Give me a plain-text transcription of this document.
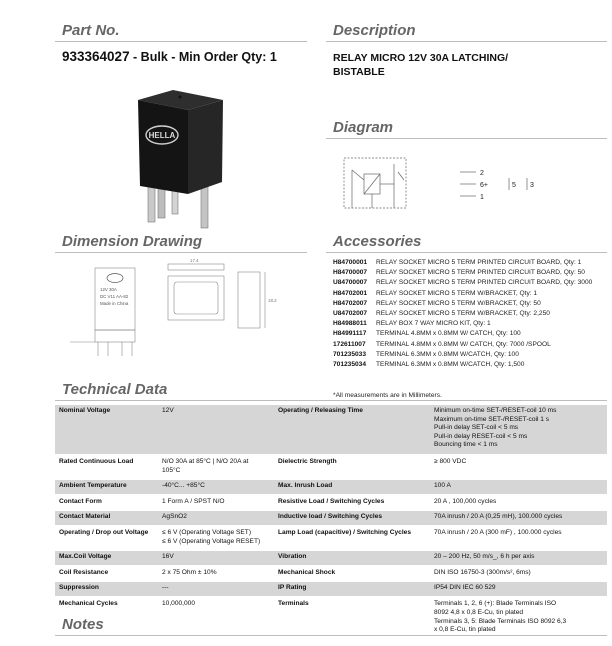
Part No.
933364027 - Bulk - Min Order Qty: 1
Description
RELAY MICRO 12V 30A LATCHING/
BISTABLE
HELLA	Diagram
2
6+
1
5 3
Dimension Drawing
12V 30A
DC V11 AA-82
Made in China
17.4
18.2
Accessories
H84700001	RELAY SOCKET MICRO 5 TERM PRINTED CIRCUIT BOARD, Qty: 1
H84700007	RELAY SOCKET MICRO 5 TERM PRINTED CIRCUIT BOARD, Qty: 50
U84700007	RELAY SOCKET MICRO 5 TERM PRINTED CIRCUIT BOARD, Qty: 3000
H84702001	RELAY SOCKET MICRO 5 TERM W/BRACKET, Qty: 1
H84702007	RELAY SOCKET MICRO 5 TERM W/BRACKET, Qty: 50
U84702007	RELAY SOCKET MICRO 5 TERM W/BRACKET, Qty: 2,250
H84988011	RELAY BOX 7 WAY MICRO KIT, Qty: 1
H84991117	TERMINAL 4.8MM x 0.8MM W/ CATCH, Qty: 100
172611007	TERMINAL 4.8MM x 0.8MM W/ CATCH, Qty: 7000 /SPOOL
701235033	TERMINAL 6.3MM x 0.8MM W/CATCH, Qty: 100
701235034	TERMINAL 6.3MM x 0.8MM W/CATCH, Qty: 1,500
*All measurements are in Millimeters.
Technical Data
Nominal Voltage	12V	Operating / Releasing Time	Minimum on-time SET-/RESET-coil 10 ms
Maximum on-time SET-/RESET-coil 1 s
Pull-in delay SET-coil < 5 ms
Pull-in delay RESET-coil < 5 ms
Bouncing time < 1 ms

Rated Continuous Load	N/O 30A at 85°C | N/O 20A at
105°C	Dielectric Strength	≥ 800 VDC

Ambient Temperature	-40°C... +85°C	Max. Inrush Load	100 A

Contact Form	1 Form A / SPST N/O	Resistive Load / Switching Cycles	20 A , 100,000 cycles

Contact Material	AgSnO2	Inductive load / Switching Cycles	70A inrush / 20 A (0,25 mH), 100.000 cycles

Operating / Drop out Voltage	≤ 6 V (Operating Voltage SET)
≤ 6 V (Operating Voltage RESET)	Lamp Load (capacitive) / Switching Cycles	70A inrush / 20 A (300 mF) , 100.000 cycles

Max.Coil Voltage	16V	Vibration	20 – 200 Hz, 50 m/s_, 6 h per axis

Coil Resistance	2 x 75 Ohm ± 10%	Mechanical Shock	DIN ISO 16750-3 (300m/s², 6ms)

Suppression	---	IP Rating	IP54 DIN IEC 60 529

Mechanical Cycles	10,000,000	Terminals	Terminals 1, 2, 6 (+): Blade Terminals ISO
8092 4,8 x 0,8 E-Cu, tin plated
Terminals 3, 5: Blade Terminals ISO 8092 6,3
x 0,8 E-Cu, tin plated
Notes
